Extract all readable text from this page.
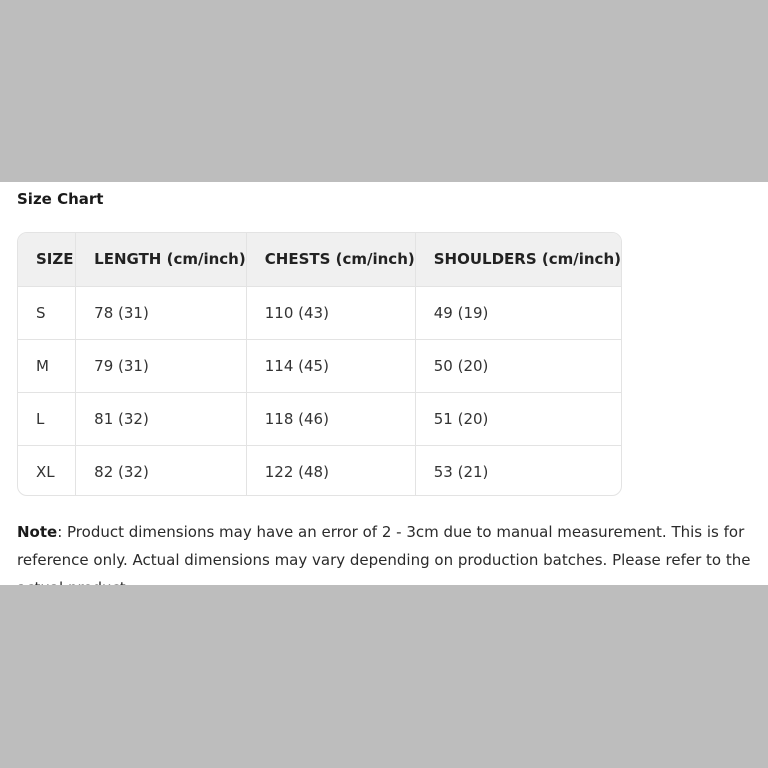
Size Chart
SIZE	LENGTH (cm/inch)	CHESTS (cm/inch)	SHOULDERS (cm/inch)
S	78 (31)	110 (43)	49 (19)
M	79 (31)	114 (45)	50 (20)
L	81 (32)	118 (46)	51 (20)
XL	82 (32)	122 (48)	53 (21)
Note: Product dimensions may have an error of 2 - 3cm due to manual measurement. This is for reference only. Actual dimensions may vary depending on production batches. Please refer to the
